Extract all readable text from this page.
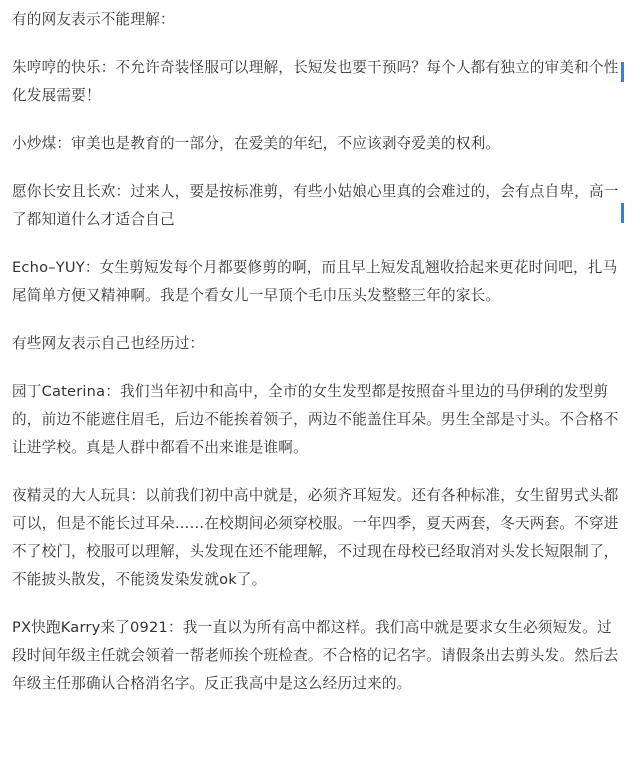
有的网友表示不能理解：

朱哼哼的快乐：不允许奇装怪服可以理解，长短发也要干预吗？每个人都有独立的审美和个性化发展需要！

小炒煤：审美也是教育的一部分，在爱美的年纪，不应该剥夺爱美的权利。

愿你长安且长欢：过来人，要是按标准剪，有些小姑娘心里真的会难过的，会有点自卑，高一了都知道什么才适合自己

Echo–YUY：女生剪短发每个月都要修剪的啊，而且早上短发乱翘收拾起来更花时间吧，扎马尾简单方便又精神啊。我是个看女儿一早顶个毛巾压头发整整三年的家长。

有些网友表示自己也经历过：

园丁Caterina：我们当年初中和高中，全市的女生发型都是按照奋斗里边的马伊琍的发型剪的，前边不能遮住眉毛，后边不能挨着领子，两边不能盖住耳朵。男生全部是寸头。不合格不让进学校。真是人群中都看不出来谁是谁啊。

夜精灵的大人玩具：以前我们初中高中就是，必须齐耳短发。还有各种标准，女生留男式头都可以，但是不能长过耳朵……在校期间必须穿校服。一年四季，夏天两套，冬天两套。不穿进不了校门，校服可以理解，头发现在还不能理解，不过现在母校已经取消对头发长短限制了，不能披头散发，不能烫发染发就ok了。

PX快跑Karry来了0921：我一直以为所有高中都这样。我们高中就是要求女生必须短发。过段时间年级主任就会领着一帮老师挨个班检查。不合格的记名字。请假条出去剪头发。然后去年级主任那确认合格消名字。反正我高中是这么经历过来的。
